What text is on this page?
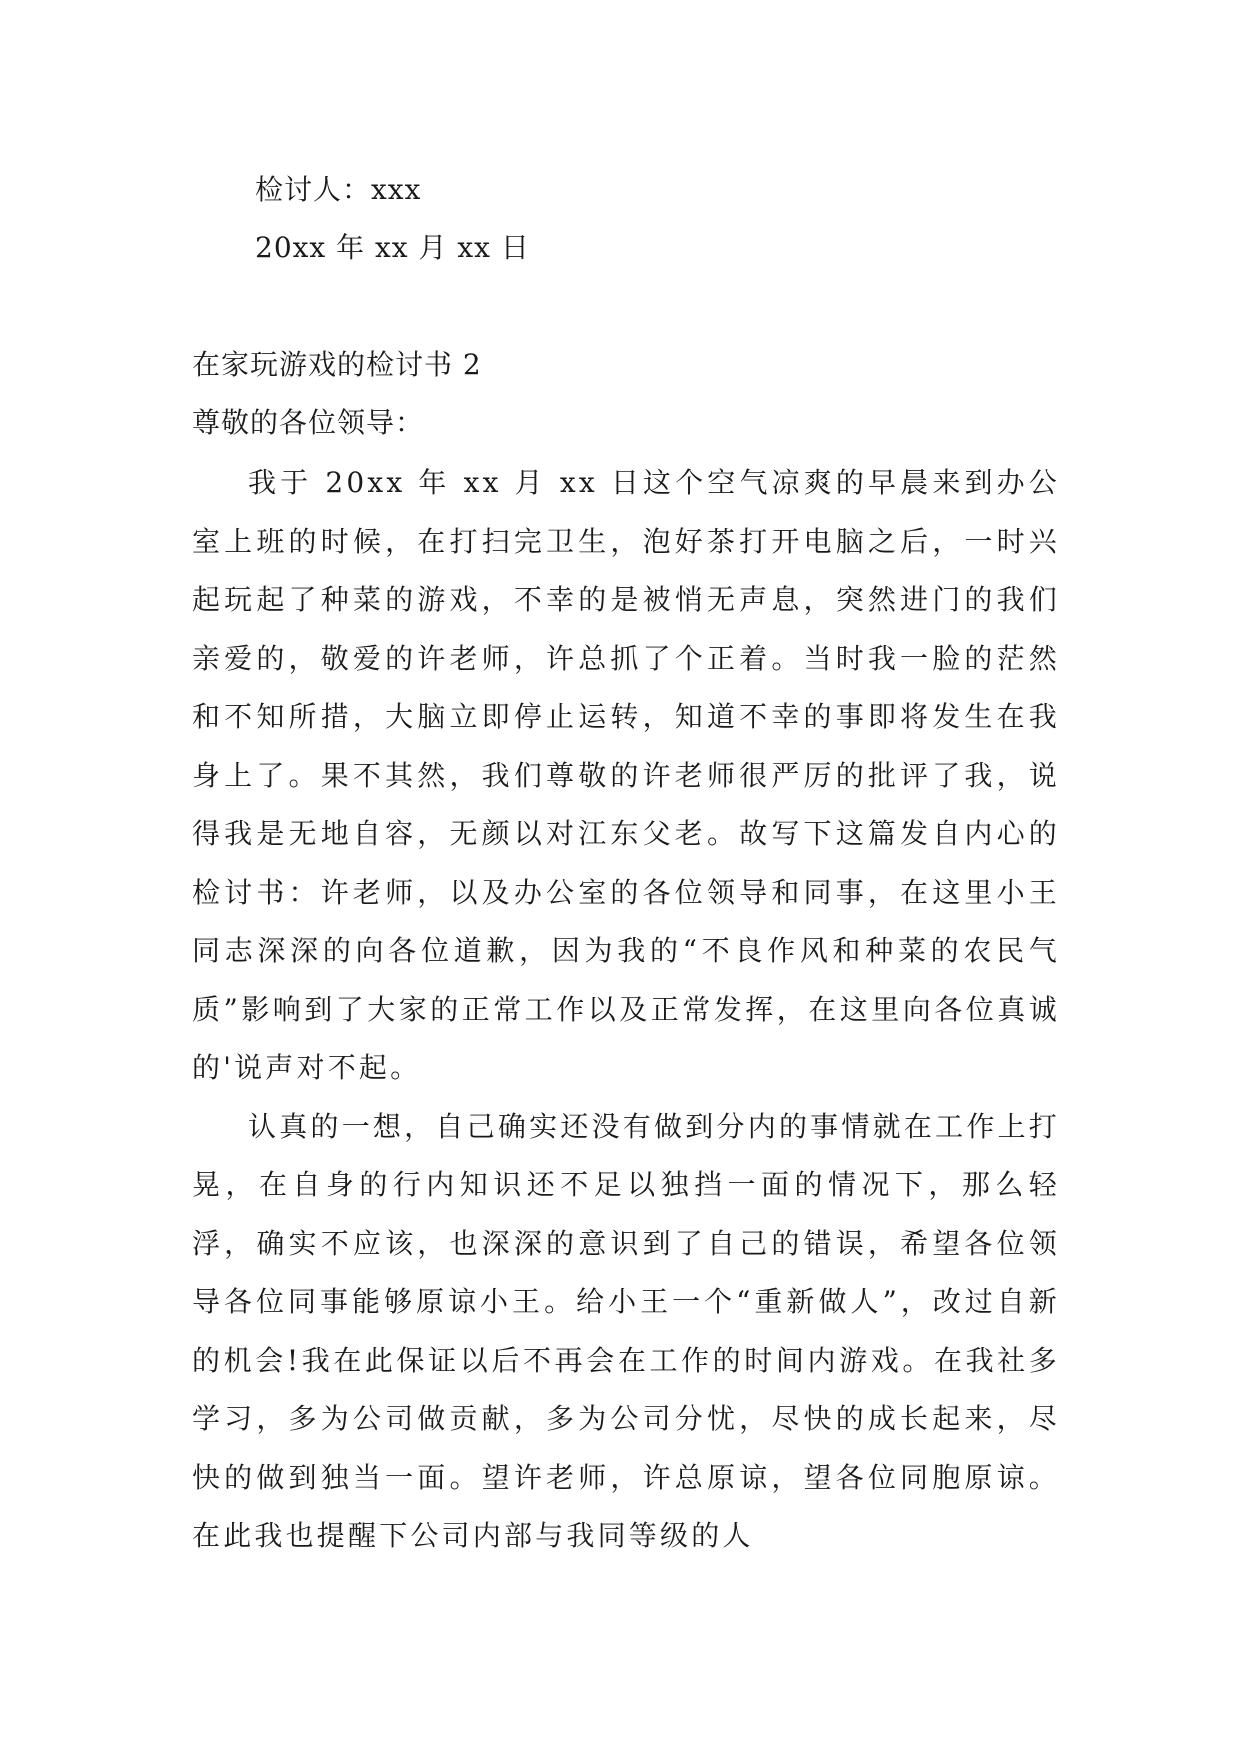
检讨人：xxx
20xx 年 xx 月 xx 日
在家玩游戏的检讨书 2
尊敬的各位领导：

我于 20xx 年 xx 月 xx 日这个空气凉爽的早晨来到办公室上班的时候，在打扫完卫生，泡好茶打开电脑之后，一时兴起玩起了种菜的游戏，不幸的是被悄无声息，突然进门的我们亲爱的，敬爱的许老师，许总抓了个正着。当时我一脸的茫然和不知所措，大脑立即停止运转，知道不幸的事即将发生在我身上了。果不其然，我们尊敬的许老师很严厉的批评了我，说得我是无地自容，无颜以对江东父老。故写下这篇发自内心的检讨书：许老师，以及办公室的各位领导和同事，在这里小王同志深深的向各位道歉，因为我的“不良作风和种菜的农民气质”影响到了大家的正常工作以及正常发挥，在这里向各位真诚的'说声对不起。

认真的一想，自己确实还没有做到分内的事情就在工作上打晃，在自身的行内知识还不足以独挡一面的情况下，那么轻浮，确实不应该，也深深的意识到了自己的错误，希望各位领导各位同事能够原谅小王。给小王一个“重新做人”，改过自新的机会!我在此保证以后不再会在工作的时间内游戏。在我社多学习，多为公司做贡献，多为公司分忧，尽快的成长起来，尽快的做到独当一面。望许老师，许总原谅，望各位同胞原谅。在此我也提醒下公司内部与我同等级的人
